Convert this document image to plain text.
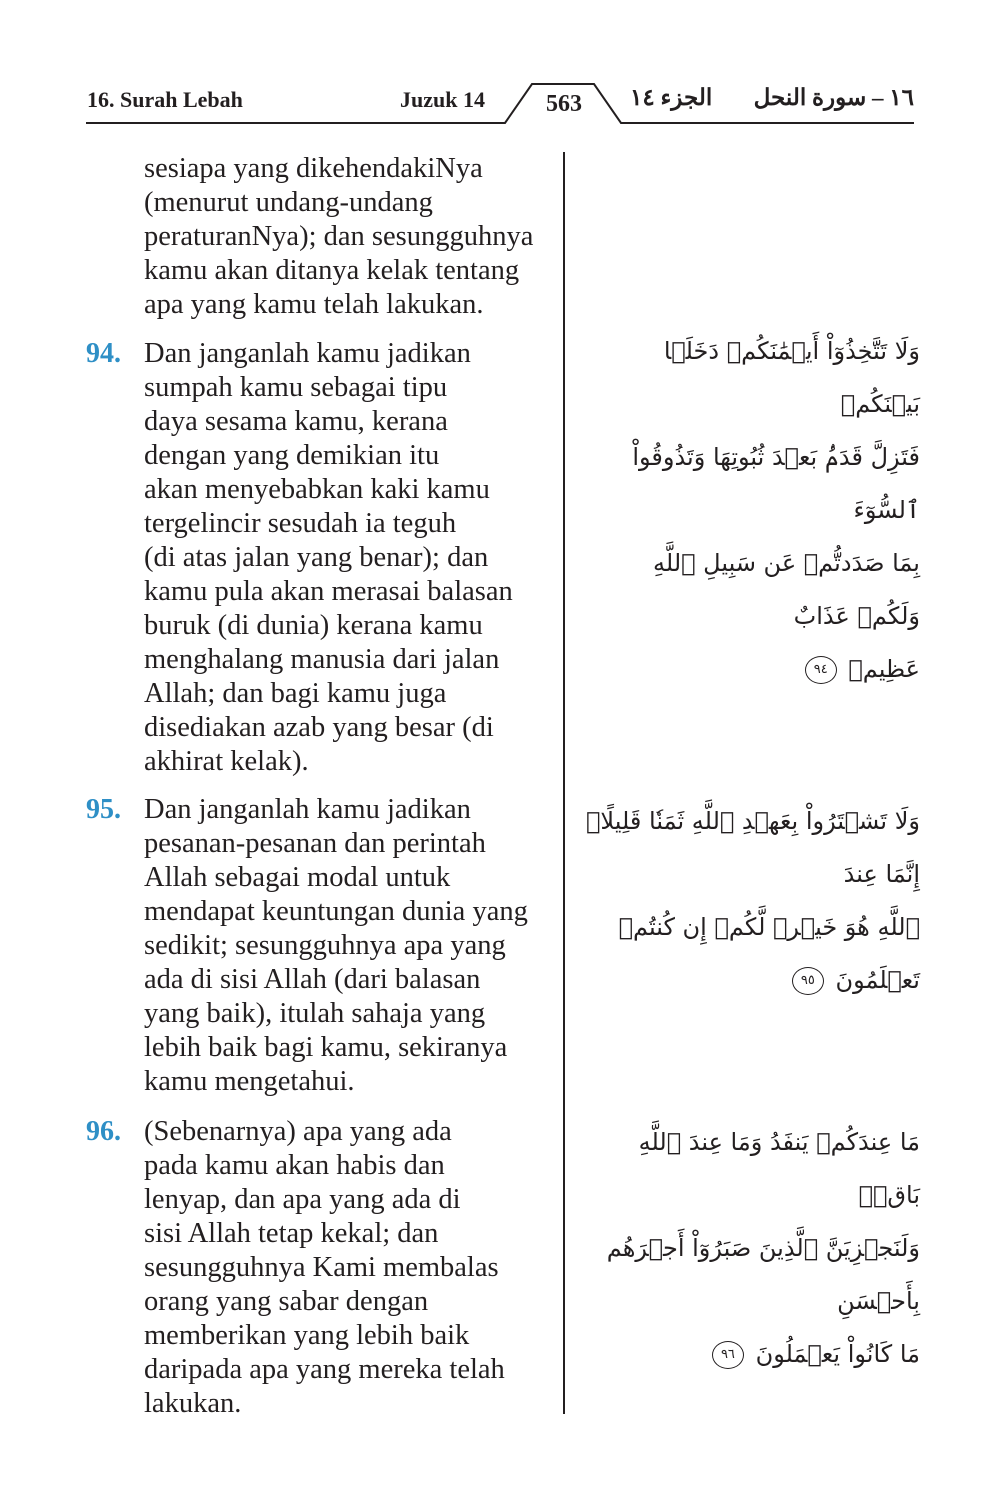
16. Surah Lebah	Juzuk 14	563	الجزء ١٤ ١٦ – سورة النحل
sesiapa yang dikehendakiNya
(menurut undang-undang
peraturanNya); dan sesungguhnya
kamu akan ditanya kelak tentang
apa yang kamu telah lakukan.
94. Dan janganlah kamu jadikan
sumpah kamu sebagai tipu
daya sesama kamu, kerana
dengan yang demikian itu
akan menyebabkan kaki kamu
tergelincir sesudah ia teguh
(di atas jalan yang benar); dan
kamu pula akan merasai balasan
buruk (di dunia) kerana kamu
menghalang manusia dari jalan
Allah; dan bagi kamu juga
disediakan azab yang besar (di
akhirat kelak).
وَلَا تَتَّخِذُوٓاْ أَيۡمَٰنَكُمۡ دَخَلَۢا بَيۡنَكُمۡ
فَتَزِلَّ قَدَمُۢ بَعۡدَ ثُبُوتِهَا وَتَذُوقُواْ ٱلسُّوٓءَ
بِمَا صَدَدتُّمۡ عَن سَبِيلِ ٱللَّهِ وَلَكُمۡ عَذَابٌ
عَظِيمٞ ٩٤
95. Dan janganlah kamu jadikan
pesanan-pesanan dan perintah
Allah sebagai modal untuk
mendapat keuntungan dunia yang
sedikit; sesungguhnya apa yang
ada di sisi Allah (dari balasan
yang baik), itulah sahaja yang
lebih baik bagi kamu, sekiranya
kamu mengetahui.
وَلَا تَشۡتَرُواْ بِعَهۡدِ ٱللَّهِ ثَمَنٗا قَلِيلًاۚ إِنَّمَا عِندَ
ٱللَّهِ هُوَ خَيۡرٞ لَّكُمۡ إِن كُنتُمۡ تَعۡلَمُونَ ٩٥
96. (Sebenarnya) apa yang ada
pada kamu akan habis dan
lenyap, dan apa yang ada di
sisi Allah tetap kekal; dan
sesungguhnya Kami membalas
orang yang sabar dengan
memberikan yang lebih baik
daripada apa yang mereka telah
lakukan.
مَا عِندَكُمۡ يَنفَدُ وَمَا عِندَ ٱللَّهِ بَاقٖۗ
وَلَنَجۡزِيَنَّ ٱلَّذِينَ صَبَرُوٓاْ أَجۡرَهُم بِأَحۡسَنِ
مَا كَانُواْ يَعۡمَلُونَ ٩٦
